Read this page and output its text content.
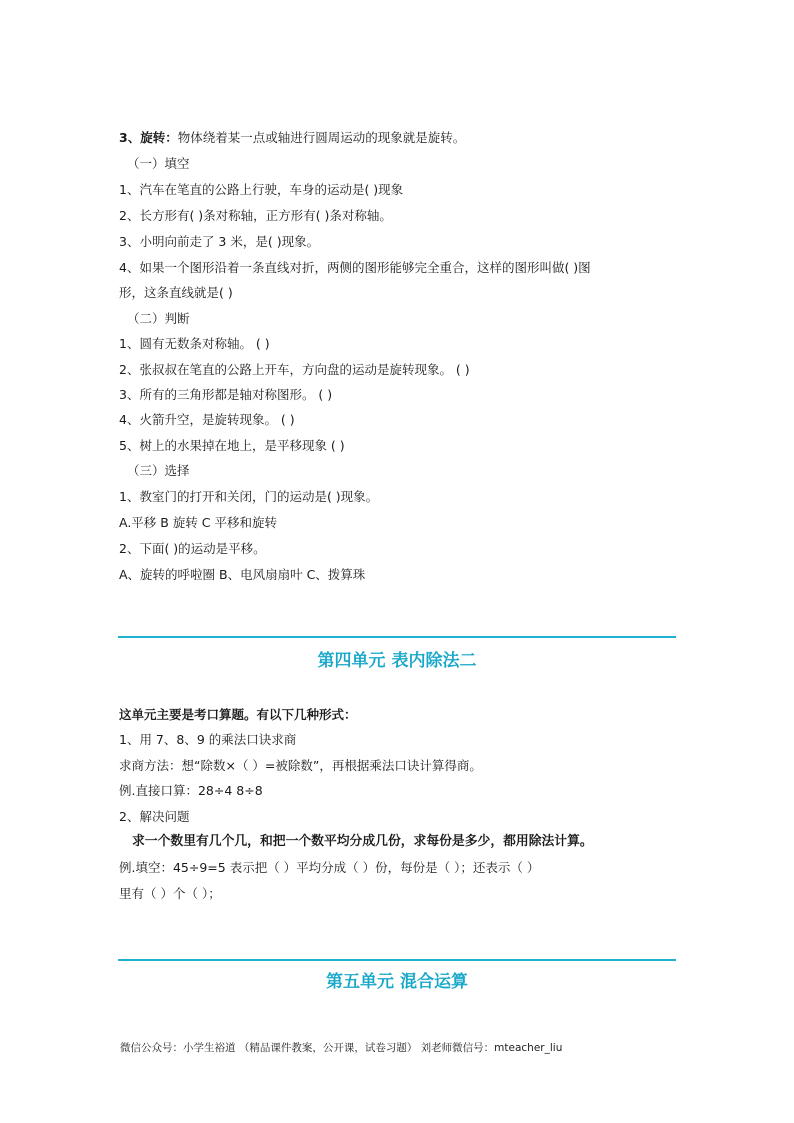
3、旋转：物体绕着某一点或轴进行圆周运动的现象就是旋转。
（一）填空
1、汽车在笔直的公路上行驶，车身的运动是( )现象
2、长方形有( )条对称轴，正方形有( )条对称轴。
3、小明向前走了 3 米，是( )现象。
4、如果一个图形沿着一条直线对折，两侧的图形能够完全重合，这样的图形叫做( )图
形，这条直线就是( )
（二）判断
1、圆有无数条对称轴。 ( )
2、张叔叔在笔直的公路上开车，方向盘的运动是旋转现象。 ( )
3、所有的三角形都是轴对称图形。 ( )
4、火箭升空，是旋转现象。 ( )
5、树上的水果掉在地上，是平移现象 ( )
（三）选择
1、教室门的打开和关闭，门的运动是( )现象。
A.平移 B 旋转 C 平移和旋转
2、下面( )的运动是平移。
A、旋转的呼啦圈 B、电风扇扇叶 C、拨算珠
第四单元 表内除法二
这单元主要是考口算题。有以下几种形式：
1、用 7、8、9 的乘法口诀求商
求商方法：想“除数×（ ）=被除数”，再根据乘法口诀计算得商。
例.直接口算：28÷4 8÷8
2、解决问题
求一个数里有几个几，和把一个数平均分成几份，求每份是多少，都用除法计算。
例.填空：45÷9=5 表示把（ ）平均分成（ ）份，每份是（ ）；还表示（ ）
里有（ ）个（ ）；
第五单元 混合运算
微信公众号：小学生裕道 （精品课件教案，公开课，试卷习题） 刘老师微信号：mteacher_liu
